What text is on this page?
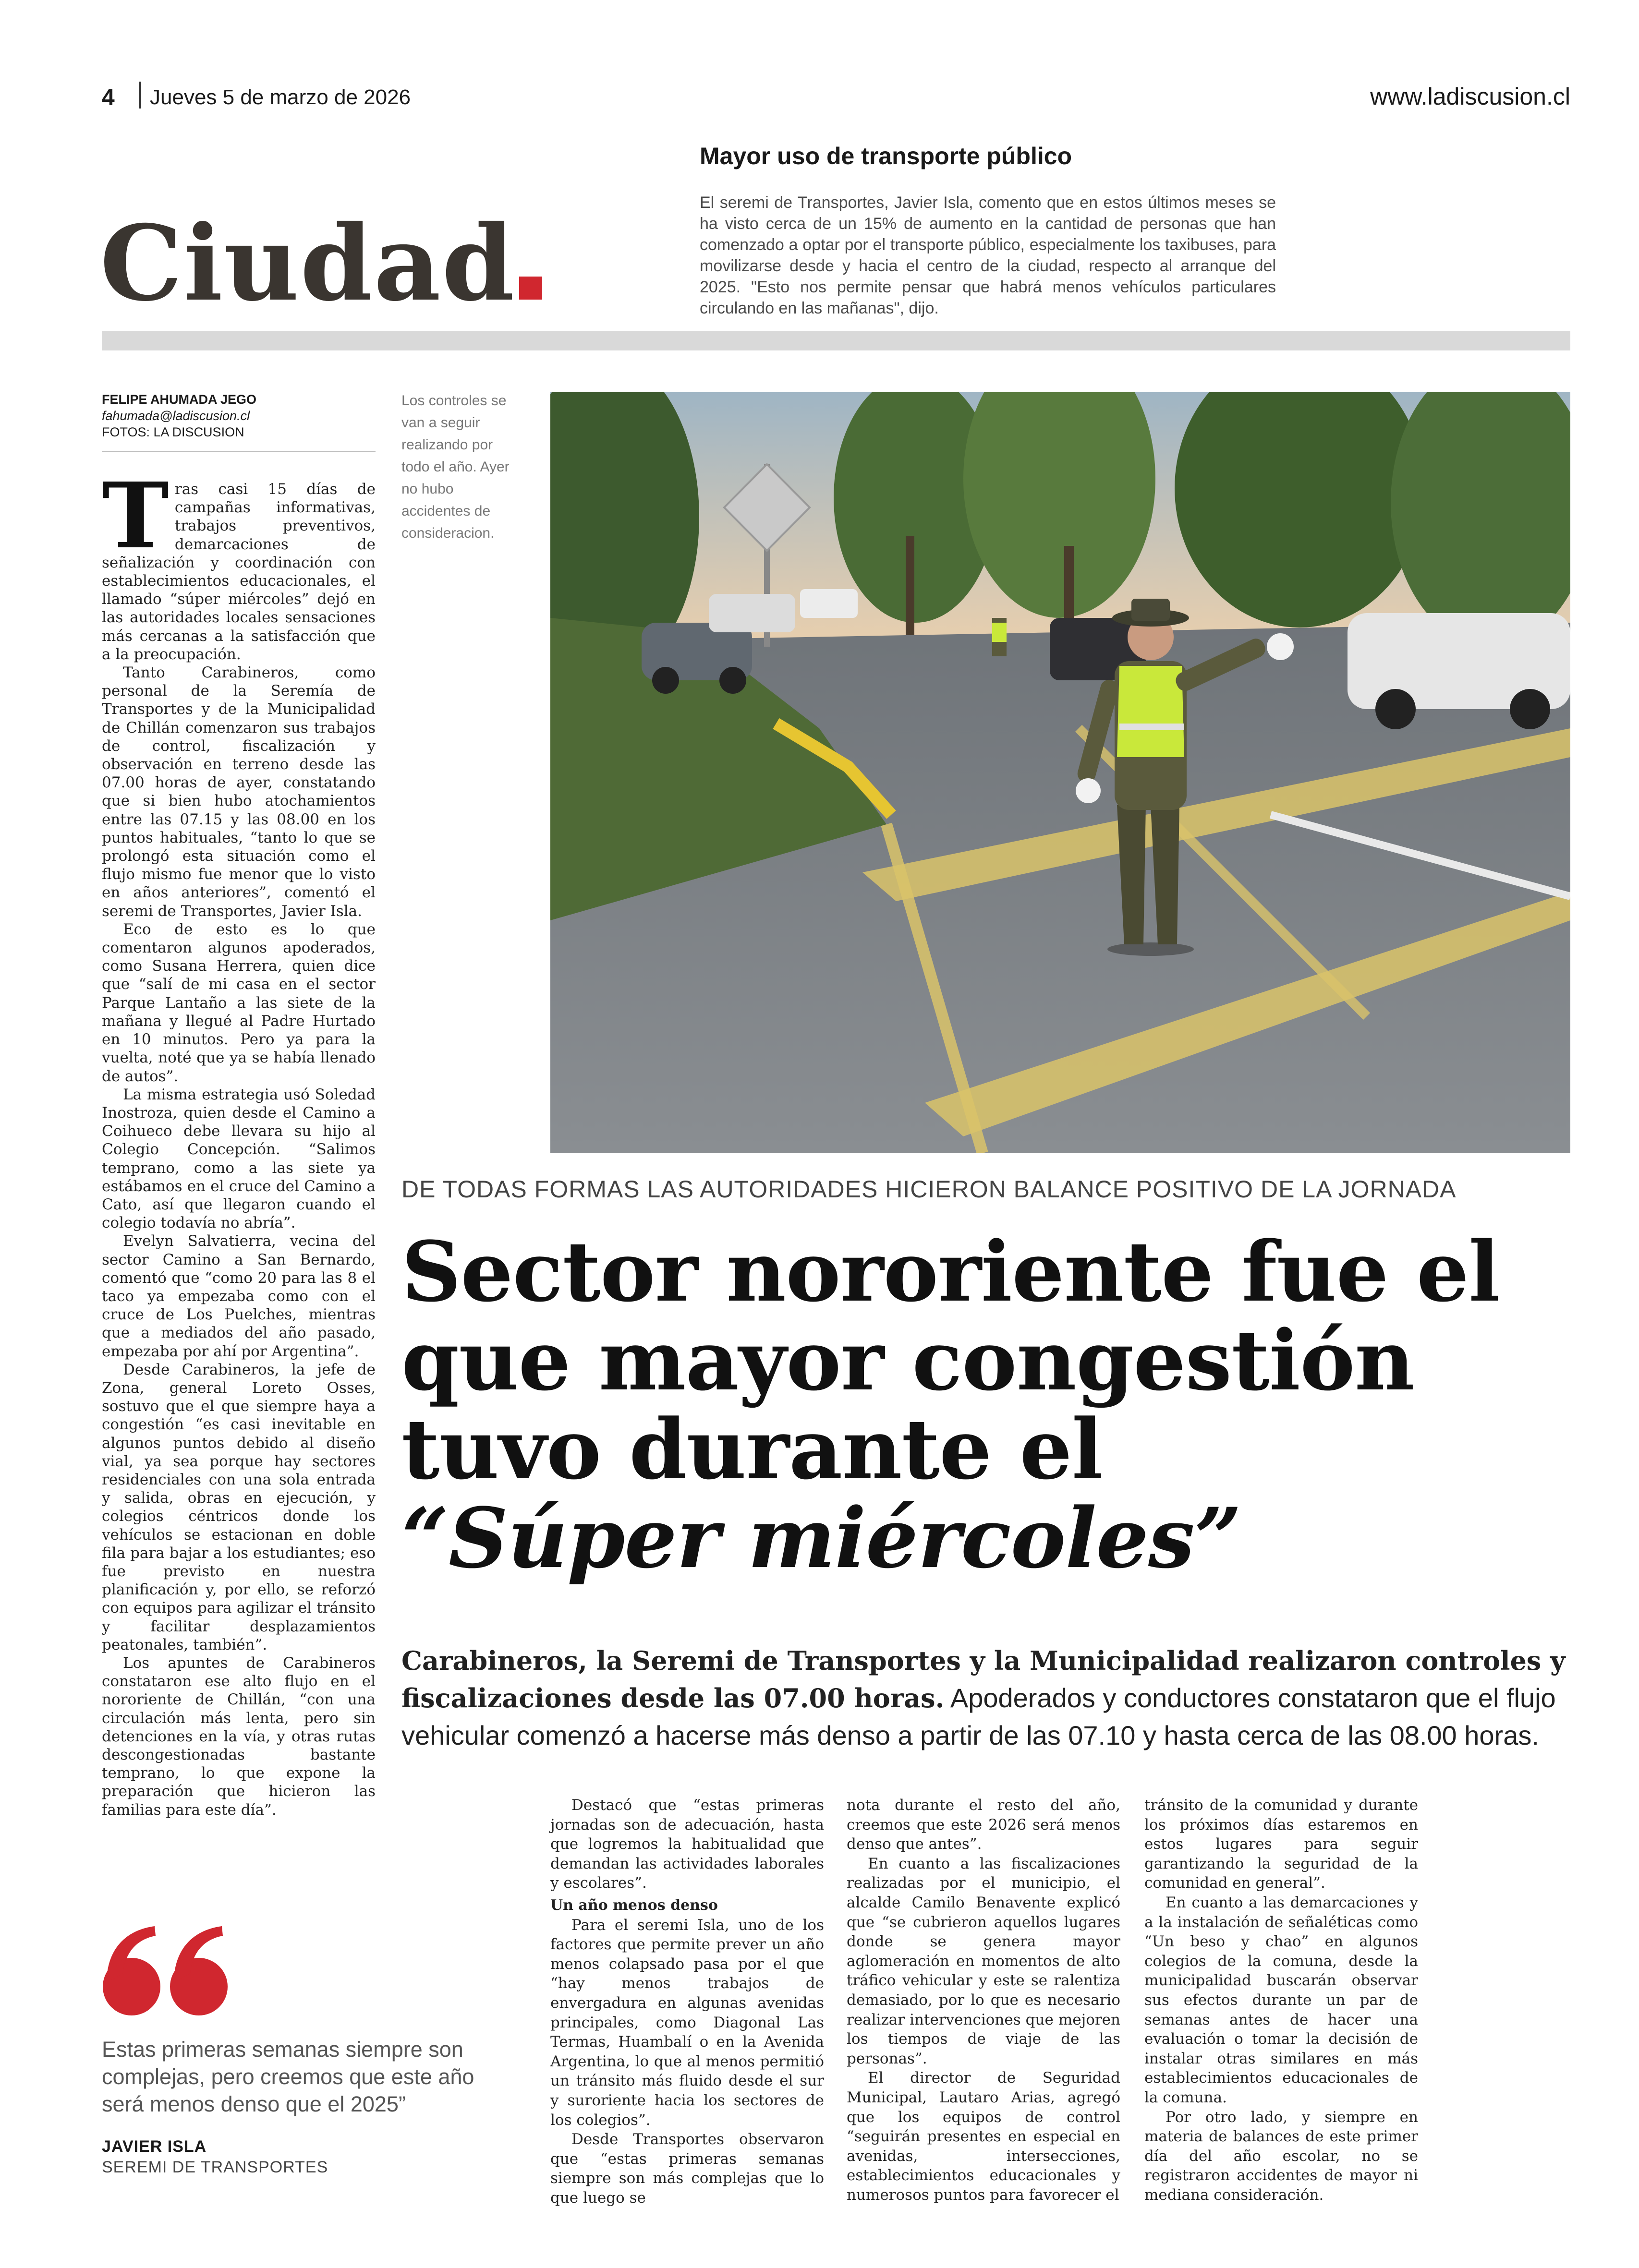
4 Jueves 5 de marzo de 2026	www.ladiscusion.cl
Ciudad
Mayor uso de transporte público
El seremi de Transportes, Javier Isla, comento que en estos últimos meses se ha visto cerca de un 15% de aumento en la cantidad de personas que han comenzado a optar por el transporte público, especialmente los taxibuses, para movilizarse desde y hacia el centro de la ciudad, respecto al arranque del 2025. "Esto nos permite pensar que habrá menos vehículos particulares circulando en las mañanas", dijo.
FELIPE AHUMADA JEGO
fahumada@ladiscusion.cl
FOTOS: LA DISCUSION

Tras casi 15 días de campañas informativas, trabajos preventivos, demarcaciones de señalización y coordinación con establecimientos educacionales, el llamado “súper miércoles” dejó en las autoridades locales sensaciones más cercanas a la satisfacción que a la preocupación.

Tanto Carabineros, como personal de la Seremía de Transportes y de la Municipalidad de Chillán comenzaron sus trabajos de control, fiscalización y observación en terreno desde las 07.00 horas de ayer, constatando que si bien hubo atochamientos entre las 07.15 y las 08.00 en los puntos habituales, “tanto lo que se prolongó esta situación como el flujo mismo fue menor que lo visto en años anteriores”, comentó el seremi de Transportes, Javier Isla.

Eco de esto es lo que comentaron algunos apoderados, como Susana Herrera, quien dice que “salí de mi casa en el sector Parque Lantaño a las siete de la mañana y llegué al Padre Hurtado en 10 minutos. Pero ya para la vuelta, noté que ya se había llenado de autos”.

La misma estrategia usó Soledad Inostroza, quien desde el Camino a Coihueco debe llevara su hijo al Colegio Concepción. “Salimos temprano, como a las siete ya estábamos en el cruce del Camino a Cato, así que llegaron cuando el colegio todavía no abría”.

Evelyn Salvatierra, vecina del sector Camino a San Bernardo, comentó que “como 20 para las 8 el taco ya empezaba como con el cruce de Los Puelches, mientras que a mediados del año pasado, empezaba por ahí por Argentina”.

Desde Carabineros, la jefe de Zona, general Loreto Osses, sostuvo que el que siempre haya a congestión “es casi inevitable en algunos puntos debido al diseño vial, ya sea porque hay sectores residenciales con una sola entrada y salida, obras en ejecución, y colegios céntricos donde los vehículos se estacionan en doble fila para bajar a los estudiantes; eso fue previsto en nuestra planificación y, por ello, se reforzó con equipos para agilizar el tránsito y facilitar desplazamientos peatonales, también”.

Los apuntes de Carabineros constataron ese alto flujo en el nororiente de Chillán, “con una circulación más lenta, pero sin detenciones en la vía, y otras rutas descongestionadas bastante temprano, lo que expone la preparación que hicieron las familias para este día”.

Los controles se van a seguir realizando por todo el año. Ayer no hubo accidentes de consideracion.
DE TODAS FORMAS LAS AUTORIDADES HICIERON BALANCE POSITIVO DE LA JORNADA
Sector nororiente fue el
que mayor congestión
tuvo durante el
“Súper miércoles”
Carabineros, la Seremi de Transportes y la Municipalidad realizaron controles y fiscalizaciones desde las 07.00 horas. Apoderados y conductores constataron que el flujo vehicular comenzó a hacerse más denso a partir de las 07.10 y hasta cerca de las 08.00 horas.

Destacó que “estas primeras jornadas son de adecuación, hasta que logremos la habitualidad que demandan las actividades laborales y escolares”.

Un año menos denso

Para el seremi Isla, uno de los factores que permite prever un año menos colapsado pasa por el que “hay menos trabajos de envergadura en algunas avenidas principales, como Diagonal Las Termas, Huambalí o en la Avenida Argentina, lo que al menos permitió un tránsito más fluido desde el sur y suroriente hacia los sectores de los colegios”.

Desde Transportes observaron que “estas primeras semanas siempre son más complejas que lo que luego se

nota durante el resto del año, creemos que este 2026 será menos denso que antes”.

En cuanto a las fiscalizaciones realizadas por el municipio, el alcalde Camilo Benavente explicó que “se cubrieron aquellos lugares donde se genera mayor aglomeración en momentos de alto tráfico vehicular y este se ralentiza demasiado, por lo que es necesario realizar intervenciones que mejoren los tiempos de viaje de las personas”.

El director de Seguridad Municipal, Lautaro Arias, agregó que los equipos de control “seguirán presentes en especial en avenidas, intersecciones, establecimientos educacionales y numerosos puntos para favorecer el

tránsito de la comunidad y durante los próximos días estaremos en estos lugares para seguir garantizando la seguridad de la comunidad en general”.

En cuanto a las demarcaciones y a la instalación de señaléticas como “Un beso y chao” en algunos colegios de la comuna, desde la municipalidad buscarán observar sus efectos durante un par de semanas antes de hacer una evaluación o tomar la decisión de instalar otras similares en más establecimientos educacionales de la comuna.

Por otro lado, y siempre en materia de balances de este primer día del año escolar, no se registraron accidentes de mayor ni mediana consideración.

Estas primeras semanas siempre son complejas, pero creemos que este año será menos denso que el 2025”
JAVIER ISLA
SEREMI DE TRANSPORTES
